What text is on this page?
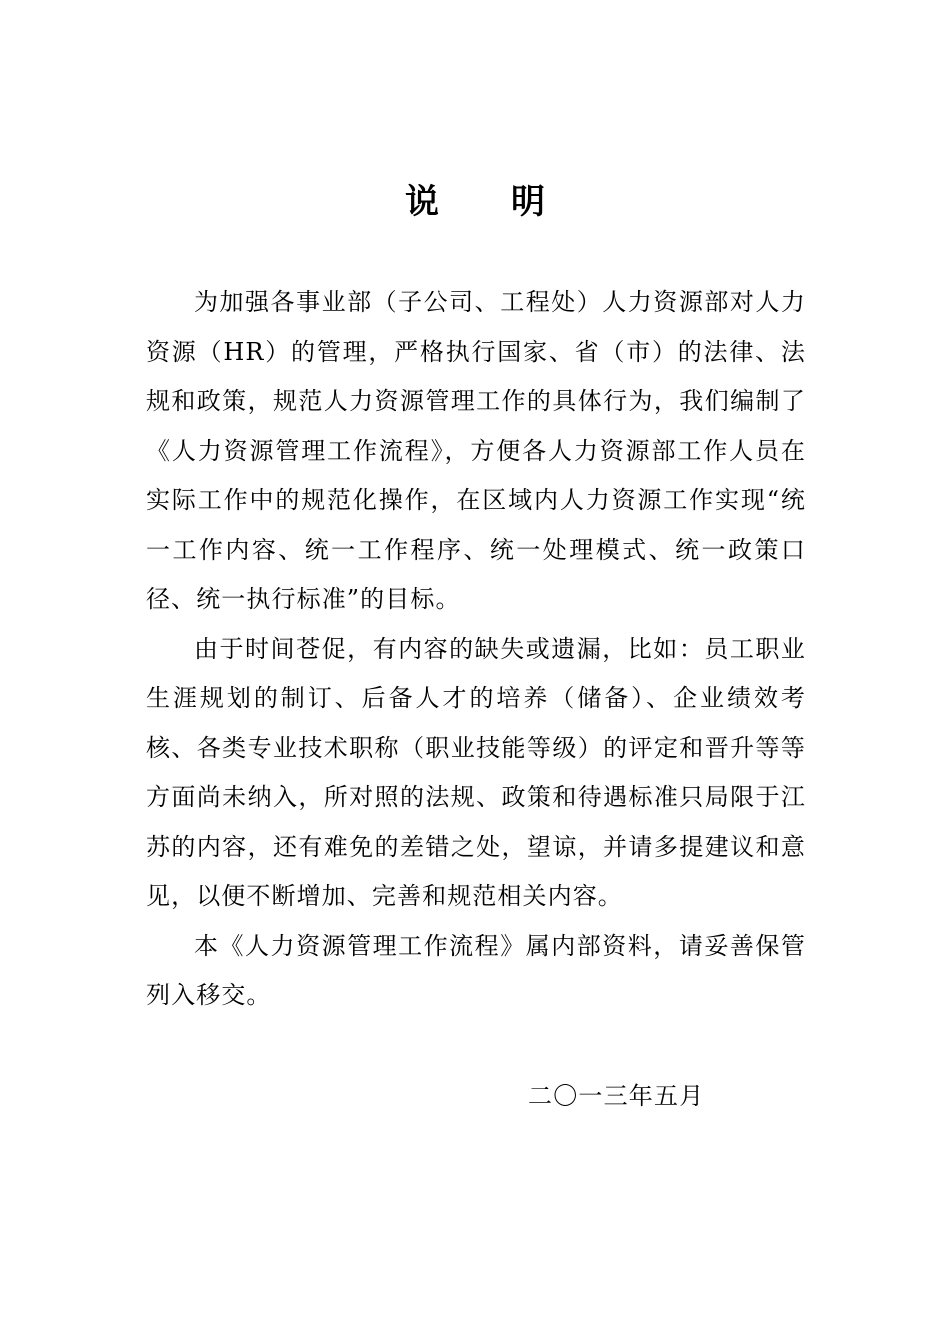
说 明

为加强各事业部（子公司、工程处）人力资源部对人力资源（HR）的管理，严格执行国家、省（市）的法律、法规和政策，规范人力资源管理工作的具体行为，我们编制了《人力资源管理工作流程》，方便各人力资源部工作人员在实际工作中的规范化操作，在区域内人力资源工作实现“统一工作内容、统一工作程序、统一处理模式、统一政策口径、统一执行标准”的目标。

由于时间苍促，有内容的缺失或遗漏，比如：员工职业生涯规划的制订、后备人才的培养（储备）、企业绩效考核、各类专业技术职称（职业技能等级）的评定和晋升等等方面尚未纳入，所对照的法规、政策和待遇标准只局限于江苏的内容，还有难免的差错之处，望谅，并请多提建议和意见，以便不断增加、完善和规范相关内容。

本《人力资源管理工作流程》属内部资料，请妥善保管列入移交。

二〇一三年五月
